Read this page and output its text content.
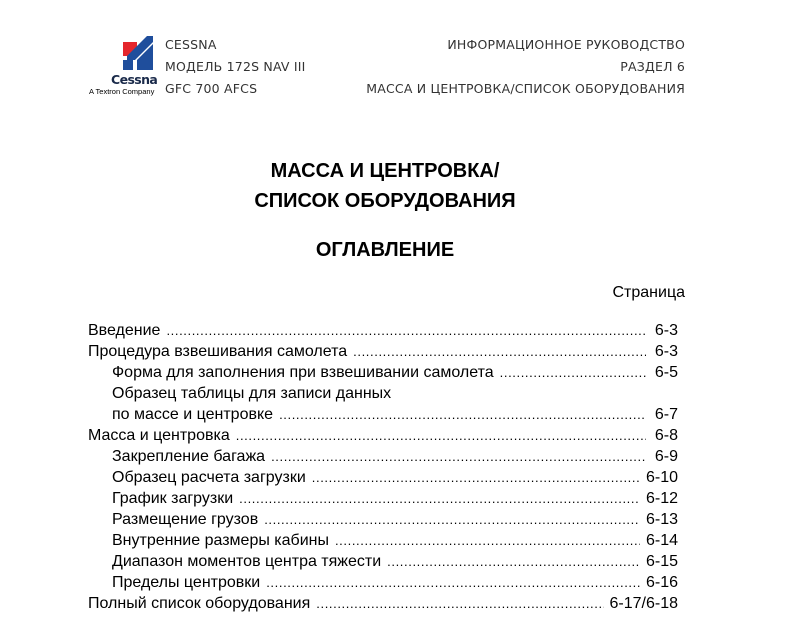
Cessna
A Textron Company
CESSNA
МОДЕЛЬ 172S NAV III
GFC 700 AFCS
ИНФОРМАЦИОННОЕ РУКОВОДСТВО
РАЗДЕЛ 6
МАССА И ЦЕНТРОВКА/СПИСОК ОБОРУДОВАНИЯ
МАССА И ЦЕНТРОВКА/
СПИСОК ОБОРУДОВАНИЯ
ОГЛАВЛЕНИЕ
Страница
Введение .....	6-3
Процедура взвешивания самолета .....	6-3
Форма для заполнения при взвешивании самолета .....	6-5
Образец таблицы для записи данных
по массе и центровке .....	6-7
Масса и центровка .....	6-8
Закрепление багажа .....	6-9
Образец расчета загрузки .....	6-10
График загрузки .....	6-12
Размещение грузов .....	6-13
Внутренние размеры кабины .....	6-14
Диапазон моментов центра тяжести .....	6-15
Пределы центровки .....	6-16
Полный список оборудования .....	6-17/6-18
